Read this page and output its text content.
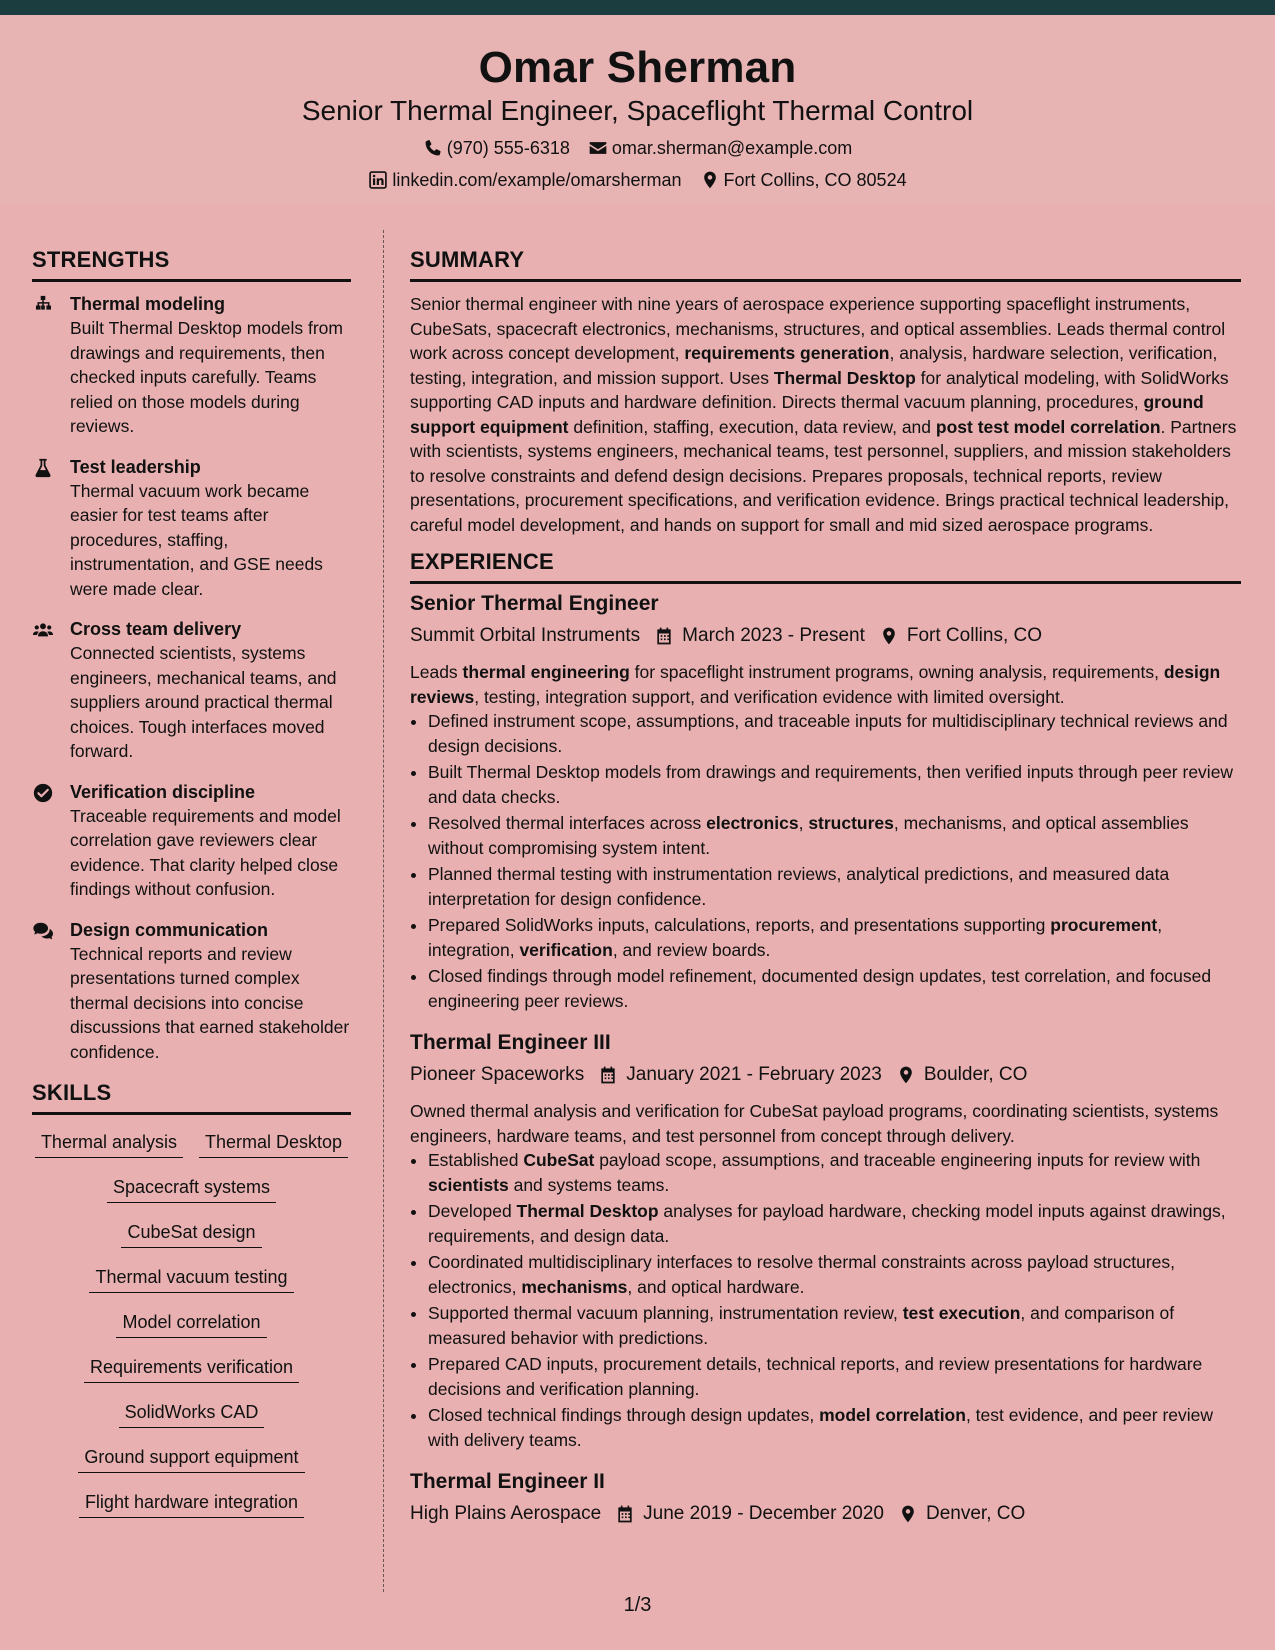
Omar Sherman
Senior Thermal Engineer, Spaceflight Thermal Control
(970) 555-6318 omar.sherman@example.com
linkedin.com/example/omarsherman Fort Collins, CO 80524
STRENGTHS
Thermal modeling
Built Thermal Desktop models from drawings and requirements, then checked inputs carefully. Teams relied on those models during reviews.
Test leadership
Thermal vacuum work became easier for test teams after procedures, staffing, instrumentation, and GSE needs were made clear.
Cross team delivery
Connected scientists, systems engineers, mechanical teams, and suppliers around practical thermal choices. Tough interfaces moved forward.
Verification discipline
Traceable requirements and model correlation gave reviewers clear evidence. That clarity helped close findings without confusion.
Design communication
Technical reports and review presentations turned complex thermal decisions into concise discussions that earned stakeholder confidence.
SKILLS
Thermal analysis	Thermal Desktop
Spacecraft systems
CubeSat design
Thermal vacuum testing
Model correlation
Requirements verification
SolidWorks CAD
Ground support equipment
Flight hardware integration
SUMMARY

Senior thermal engineer with nine years of aerospace experience supporting spaceflight instruments, CubeSats, spacecraft electronics, mechanisms, structures, and optical assemblies. Leads thermal control work across concept development, requirements generation, analysis, hardware selection, verification, testing, integration, and mission support. Uses Thermal Desktop for analytical modeling, with SolidWorks supporting CAD inputs and hardware definition. Directs thermal vacuum planning, procedures, ground support equipment definition, staffing, execution, data review, and post test model correlation. Partners with scientists, systems engineers, mechanical teams, test personnel, suppliers, and mission stakeholders to resolve constraints and defend design decisions. Prepares proposals, technical reports, review presentations, procurement specifications, and verification evidence. Brings practical technical leadership, careful model development, and hands on support for small and mid sized aerospace programs.

EXPERIENCE
Senior Thermal Engineer
Summit Orbital Instruments March 2023 - Present Fort Collins, CO
Leads thermal engineering for spaceflight instrument programs, owning analysis, requirements, design reviews, testing, integration support, and verification evidence with limited oversight.
• Defined instrument scope, assumptions, and traceable inputs for multidisciplinary technical reviews and design decisions.
• Built Thermal Desktop models from drawings and requirements, then verified inputs through peer review and data checks.
• Resolved thermal interfaces across electronics, structures, mechanisms, and optical assemblies without compromising system intent.
• Planned thermal testing with instrumentation reviews, analytical predictions, and measured data interpretation for design confidence.
• Prepared SolidWorks inputs, calculations, reports, and presentations supporting procurement, integration, verification, and review boards.
• Closed findings through model refinement, documented design updates, test correlation, and focused engineering peer reviews.
Thermal Engineer III
Pioneer Spaceworks January 2021 - February 2023 Boulder, CO
Owned thermal analysis and verification for CubeSat payload programs, coordinating scientists, systems engineers, hardware teams, and test personnel from concept through delivery.
• Established CubeSat payload scope, assumptions, and traceable engineering inputs for review with scientists and systems teams.
• Developed Thermal Desktop analyses for payload hardware, checking model inputs against drawings, requirements, and design data.
• Coordinated multidisciplinary interfaces to resolve thermal constraints across payload structures, electronics, mechanisms, and optical hardware.
• Supported thermal vacuum planning, instrumentation review, test execution, and comparison of measured behavior with predictions.
• Prepared CAD inputs, procurement details, technical reports, and review presentations for hardware decisions and verification planning.
• Closed technical findings through design updates, model correlation, test evidence, and peer review with delivery teams.
Thermal Engineer II
High Plains Aerospace June 2019 - December 2020 Denver, CO
1/3
